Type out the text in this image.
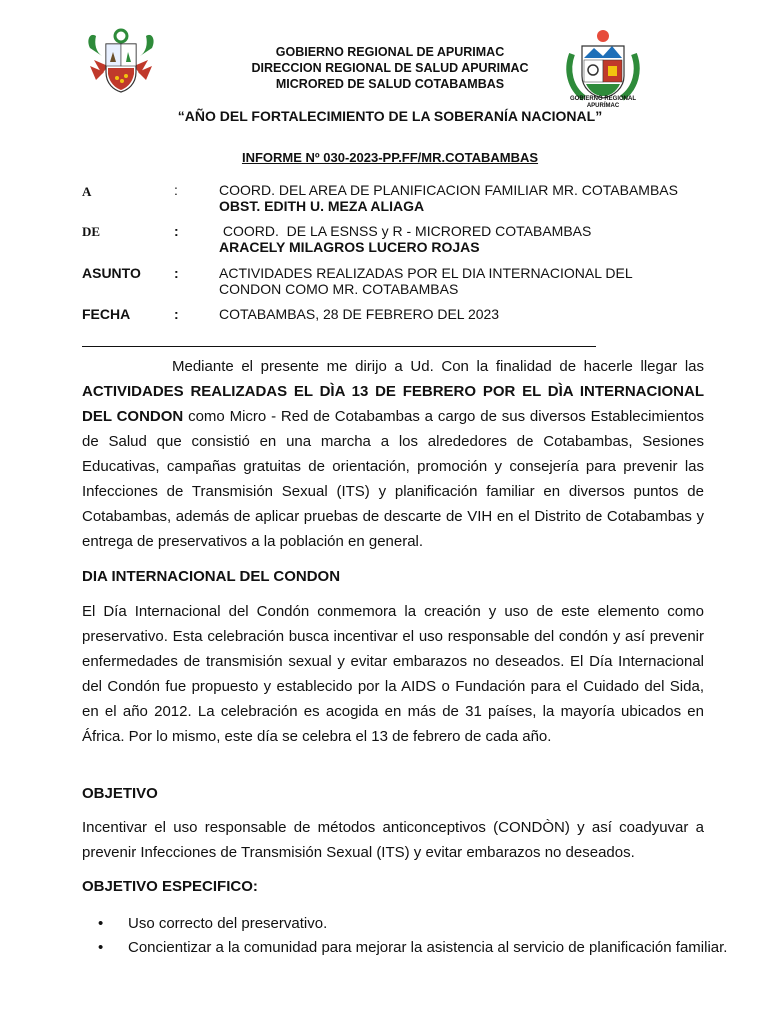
GOBIERNO REGIONAL DE APURIMAC
DIRECCION REGIONAL DE SALUD APURIMAC
MICRORED DE SALUD COTABAMBAS
GOBIERNO REGIONAL
APURÍMAC
“AÑO DEL FORTALECIMIENTO DE LA SOBERANÍA NACIONAL”
INFORME Nº 030-2023-PP.FF/MR.COTABAMBAS
A	:	COORD. DEL AREA DE PLANIFICACION FAMILIAR MR. COTABAMBAS
OBST. EDITH U. MEZA ALIAGA
DE	:	COORD.  DE LA ESNSS y R - MICRORED COTABAMBAS
ARACELY MILAGROS LUCERO ROJAS
ASUNTO :	ACTIVIDADES REALIZADAS POR EL DIA INTERNACIONAL DEL
CONDON COMO MR. COTABAMBAS
FECHA	:	COTABAMBAS, 28 DE FEBRERO DEL 2023
Mediante el presente me dirijo a Ud. Con la finalidad de hacerle llegar las ACTIVIDADES REALIZADAS EL DÌA 13 DE FEBRERO POR EL DÌA INTERNACIONAL DEL CONDON como Micro - Red de Cotabambas a cargo de sus diversos Establecimientos de Salud que consistió en una marcha a los alrededores de Cotabambas, Sesiones Educativas, campañas gratuitas de orientación, promoción y consejería para prevenir las Infecciones de Transmisión Sexual (ITS) y planificación familiar en diversos puntos de Cotabambas, además de aplicar pruebas de descarte de VIH en el Distrito de Cotabambas y entrega de preservativos a la población en general.
DIA INTERNACIONAL DEL CONDON
El Día Internacional del Condón conmemora la creación y uso de este elemento como preservativo. Esta celebración busca incentivar el uso responsable del condón y así prevenir enfermedades de transmisión sexual y evitar embarazos no deseados. El Día Internacional del Condón fue propuesto y establecido por la AIDS o Fundación para el Cuidado del Sida, en el año 2012. La celebración es acogida en más de 31 países, la mayoría ubicados en África. Por lo mismo, este día se celebra el 13 de febrero de cada año.
OBJETIVO
Incentivar el uso responsable de métodos anticonceptivos (CONDÒN) y así coadyuvar a prevenir Infecciones de Transmisión Sexual (ITS) y evitar embarazos no deseados.
OBJETIVO ESPECIFICO:
• Uso correcto del preservativo.
• Concientizar a la comunidad para mejorar la asistencia al servicio de planificación familiar.
